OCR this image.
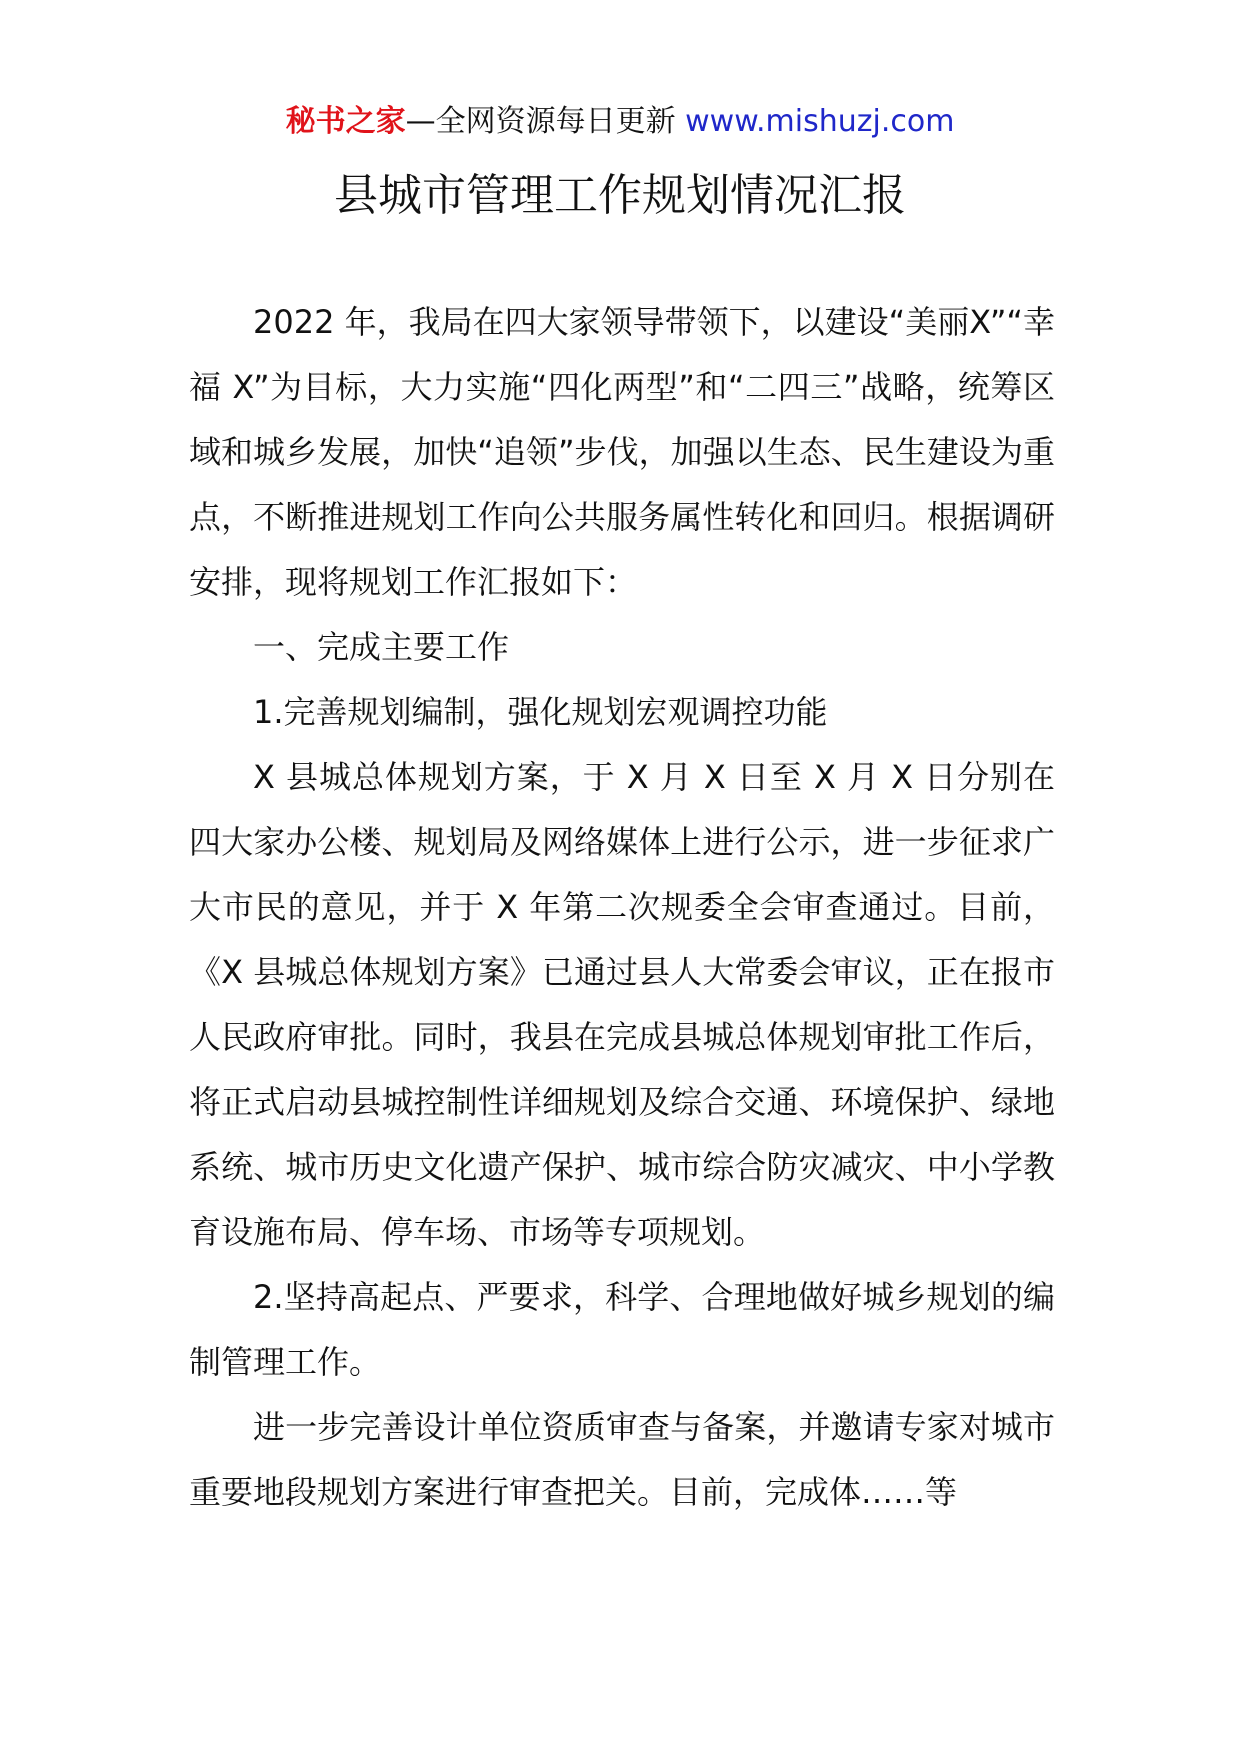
秘书之家—全网资源每日更新 www.mishuzj.com
县城市管理工作规划情况汇报

2022 年，我局在四大家领导带领下，以建设“美丽X”“幸福 X”为目标，大力实施“四化两型”和“二四三”战略，统筹区域和城乡发展，加快“追领”步伐，加强以生态、民生建设为重点，不断推进规划工作向公共服务属性转化和回归。根据调研安排，现将规划工作汇报如下：

一、完成主要工作

1.完善规划编制，强化规划宏观调控功能

X 县城总体规划方案，于 X 月 X 日至 X 月 X 日分别在四大家办公楼、规划局及网络媒体上进行公示，进一步征求广大市民的意见，并于 X 年第二次规委全会审查通过。目前，《X 县城总体规划方案》已通过县人大常委会审议，正在报市人民政府审批。同时，我县在完成县城总体规划审批工作后，将正式启动县城控制性详细规划及综合交通、环境保护、绿地系统、城市历史文化遗产保护、城市综合防灾减灾、中小学教育设施布局、停车场、市场等专项规划。

2.坚持高起点、严要求，科学、合理地做好城乡规划的编制管理工作。

进一步完善设计单位资质审查与备案，并邀请专家对城市重要地段规划方案进行审查把关。目前，完成体……等
